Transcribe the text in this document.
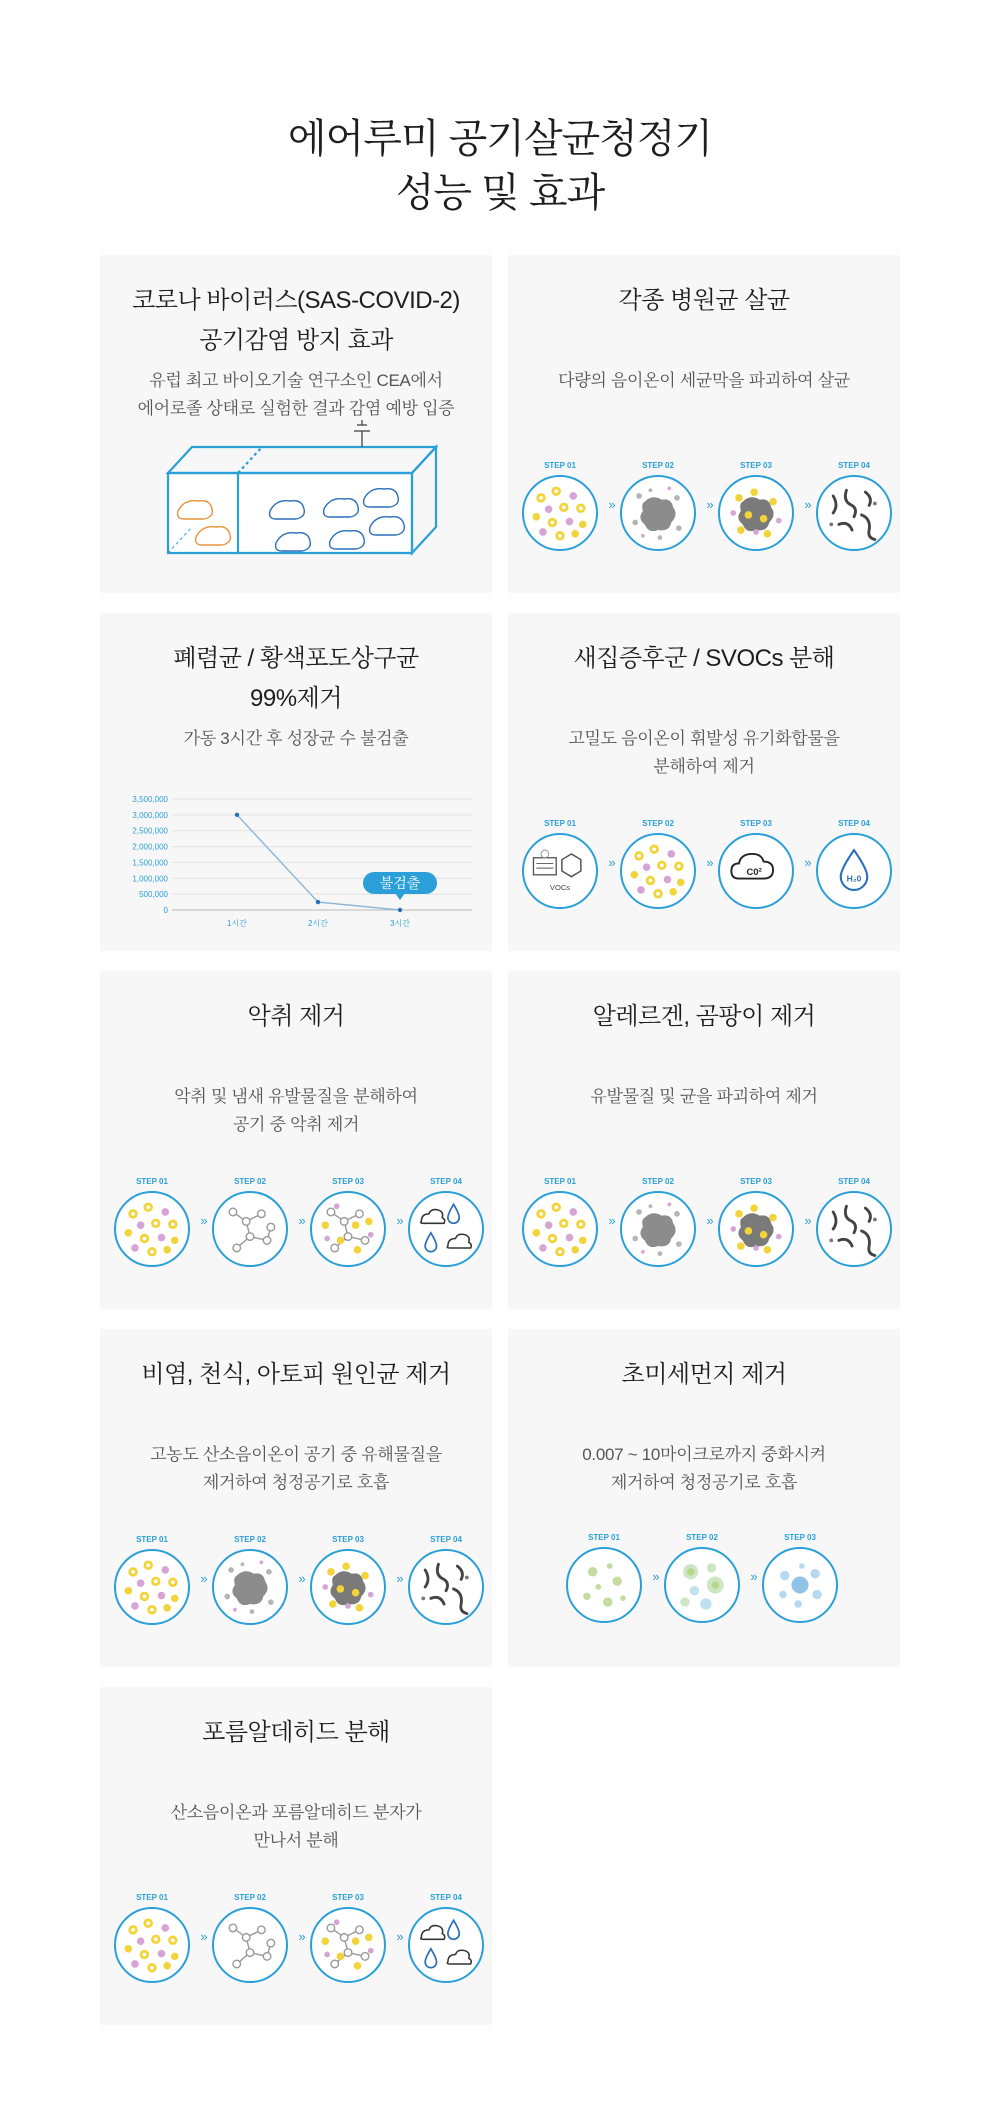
에어루미 공기살균청정기
성능 및 효과
코로나 바이러스(SAS-COVID-2)
공기감염 방지 효과
유럽 최고 바이오기술 연구소인 CEA에서
에어로졸 상태로 실험한 결과 감염 예방 입증
각종 병원균 살균
다량의 음이온이 세균막을 파괴하여 살균
STEP 01
»
STEP 02
»
STEP 03
»
STEP 04
폐렴균 / 황색포도상구균
99%제거
가동 3시간 후 성장균 수 불검출
3,500,000
3,000,000
2,500,000
2,000,000
1,500,000
1,000,000
500,000
0
1시간	2시간	3시간
불검출
새집증후군 / SVOCs 분해
고밀도 음이온이 휘발성 유기화합물을
분해하여 제거
STEP 01
VOCs
»
STEP 02
»
STEP 03
C0²
»
STEP 04
H₂0
악취 제거
악취 및 냄새 유발물질을 분해하여
공기 중 악취 제거
STEP 01
»
STEP 02
»
STEP 03
»
STEP 04
알레르겐, 곰팡이 제거
유발물질 및 균을 파괴하여 제거
STEP 01
»
STEP 02
»
STEP 03
»
STEP 04
비염, 천식, 아토피 원인균 제거
고농도 산소음이온이 공기 중 유해물질을
제거하여 청정공기로 호흡
STEP 01
»
STEP 02
»
STEP 03
»
STEP 04
초미세먼지 제거
0.007 ~ 10마이크로까지 중화시켜
제거하여 청정공기로 호흡
STEP 01
»
STEP 02
»
STEP 03
포름알데히드 분해
산소음이온과 포름알데히드 분자가
만나서 분해
STEP 01
»
STEP 02
»
STEP 03
»
STEP 04
